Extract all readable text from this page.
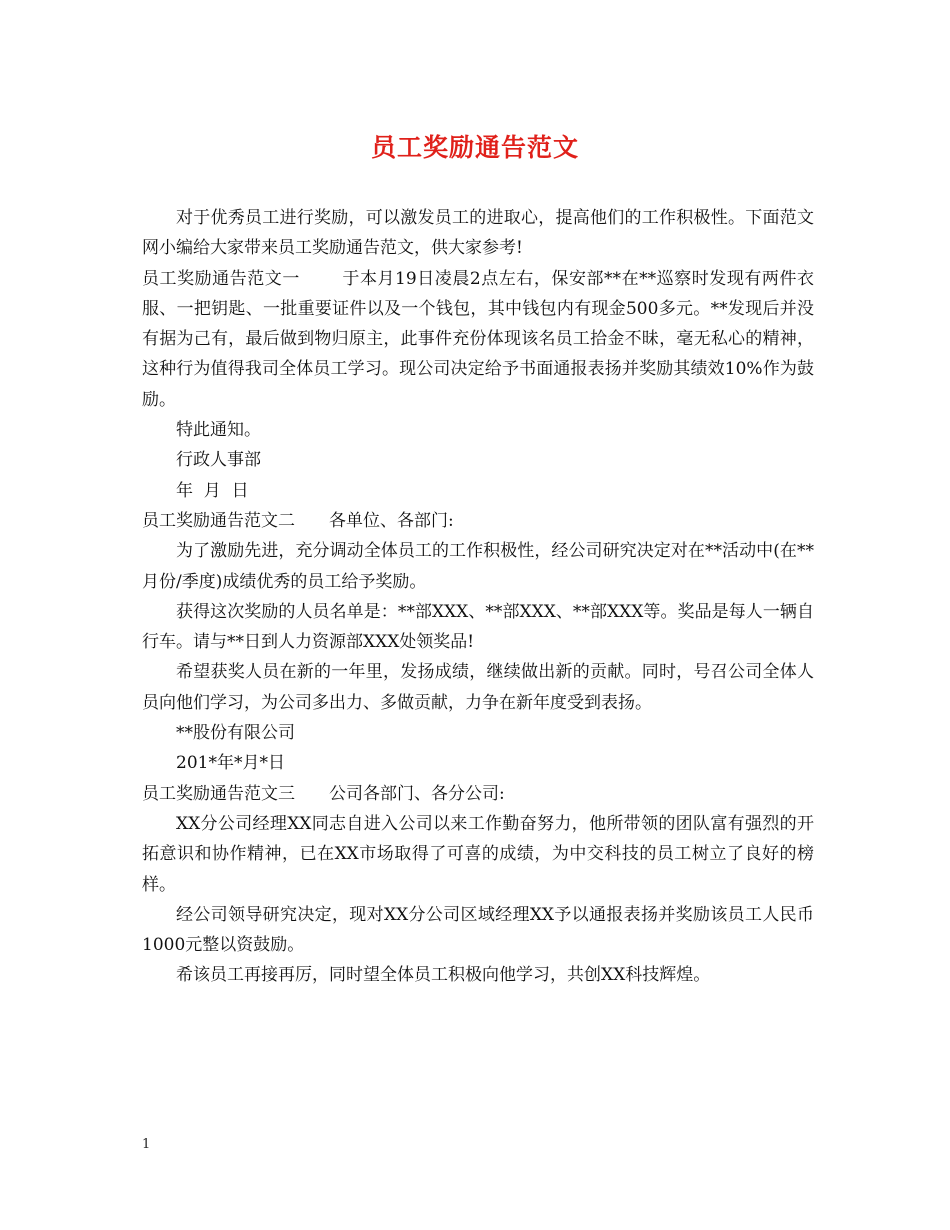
员工奖励通告范文

对于优秀员工进行奖励，可以激发员工的进取心，提高他们的工作积极性。下面范文网小编给大家带来员工奖励通告范文，供大家参考!

员工奖励通告范文一 于本月19日凌晨2点左右，保安部**在**巡察时发现有两件衣服、一把钥匙、一批重要证件以及一个钱包，其中钱包内有现金500多元。**发现后并没有据为己有，最后做到物归原主，此事件充份体现该名员工拾金不昧，毫无私心的精神，这种行为值得我司全体员工学习。现公司决定给予书面通报表扬并奖励其绩效10%作为鼓励。

特此通知。

行政人事部

年  月  日

员工奖励通告范文二 各单位、各部门:

为了激励先进，充分调动全体员工的工作积极性，经公司研究决定对在**活动中(在**月份/季度)成绩优秀的员工给予奖励。

获得这次奖励的人员名单是：**部XXX、**部XXX、**部XXX等。奖品是每人一辆自行车。请与**日到人力资源部XXX处领奖品!

希望获奖人员在新的一年里，发扬成绩，继续做出新的贡献。同时，号召公司全体人员向他们学习，为公司多出力、多做贡献，力争在新年度受到表扬。

**股份有限公司

201*年*月*日

员工奖励通告范文三 公司各部门、各分公司:

XX分公司经理XX同志自进入公司以来工作勤奋努力，他所带领的团队富有强烈的开拓意识和协作精神，已在XX市场取得了可喜的成绩，为中交科技的员工树立了良好的榜样。

经公司领导研究决定，现对XX分公司区域经理XX予以通报表扬并奖励该员工人民币1000元整以资鼓励。

希该员工再接再厉，同时望全体员工积极向他学习，共创XX科技辉煌。

1
